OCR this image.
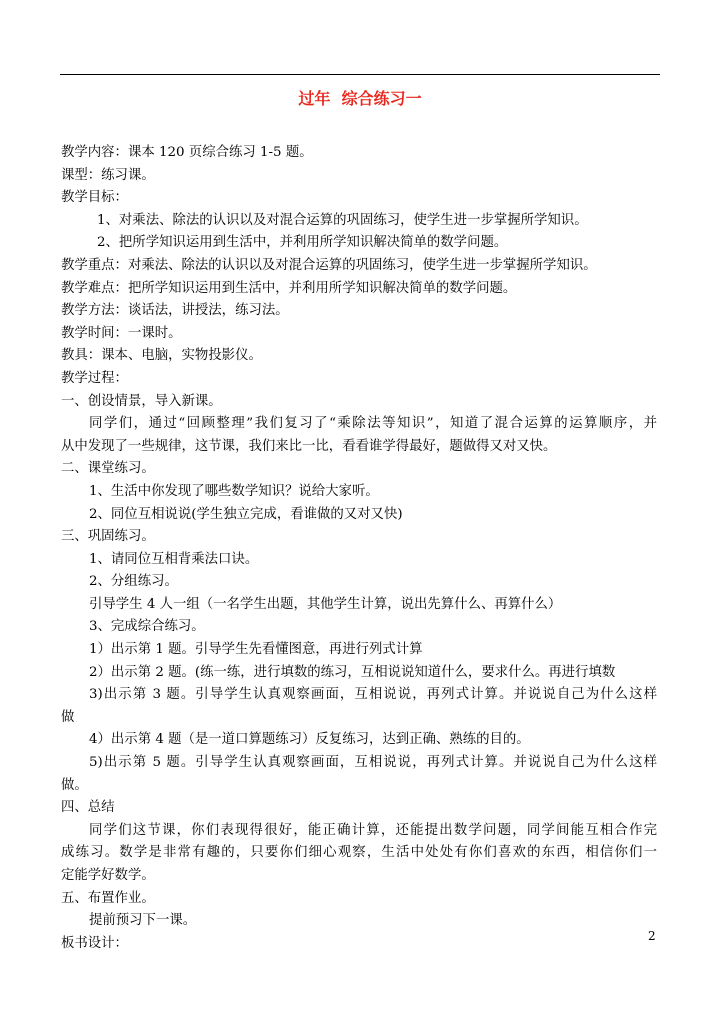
过年  综合练习一
教学内容：课本 120 页综合练习 1-5 题。
课型：练习课。
教学目标：
1、对乘法、除法的认识以及对混合运算的巩固练习，使学生进一步掌握所学知识。
2、把所学知识运用到生活中，并利用所学知识解决简单的数学问题。
教学重点：对乘法、除法的认识以及对混合运算的巩固练习，使学生进一步掌握所学知识。
教学难点：把所学知识运用到生活中，并利用所学知识解决简单的数学问题。
教学方法：谈话法，讲授法，练习法。
教学时间：一课时。
教具：课本、电脑，实物投影仪。
教学过程：
一、创设情景，导入新课。
同学们，通过“回顾整理”我们复习了“乘除法等知识”，知道了混合运算的运算顺序，并
从中发现了一些规律，这节课，我们来比一比，看看谁学得最好，题做得又对又快。
二、课堂练习。
1、生活中你发现了哪些数学知识？说给大家听。
2、同位互相说说(学生独立完成，看谁做的又对又快)
三、巩固练习。
1、请同位互相背乘法口诀。
2、分组练习。
引导学生 4 人一组（一名学生出题，其他学生计算，说出先算什么、再算什么）
3、完成综合练习。
1）出示第 1 题。引导学生先看懂图意，再进行列式计算
2）出示第 2 题。(练一练，进行填数的练习，互相说说知道什么，要求什么。再进行填数
3)出示第 3 题。引导学生认真观察画面，互相说说，再列式计算。并说说自己为什么这样
做
4）出示第 4 题（是一道口算题练习）反复练习，达到正确、熟练的目的。
5)出示第 5 题。引导学生认真观察画面，互相说说，再列式计算。并说说自己为什么这样
做。
四、总结
同学们这节课，你们表现得很好，能正确计算，还能提出数学问题，同学间能互相合作完
成练习。数学是非常有趣的，只要你们细心观察，生活中处处有你们喜欢的东西，相信你们一
定能学好数学。
五、布置作业。
提前预习下一课。
板书设计：	2
